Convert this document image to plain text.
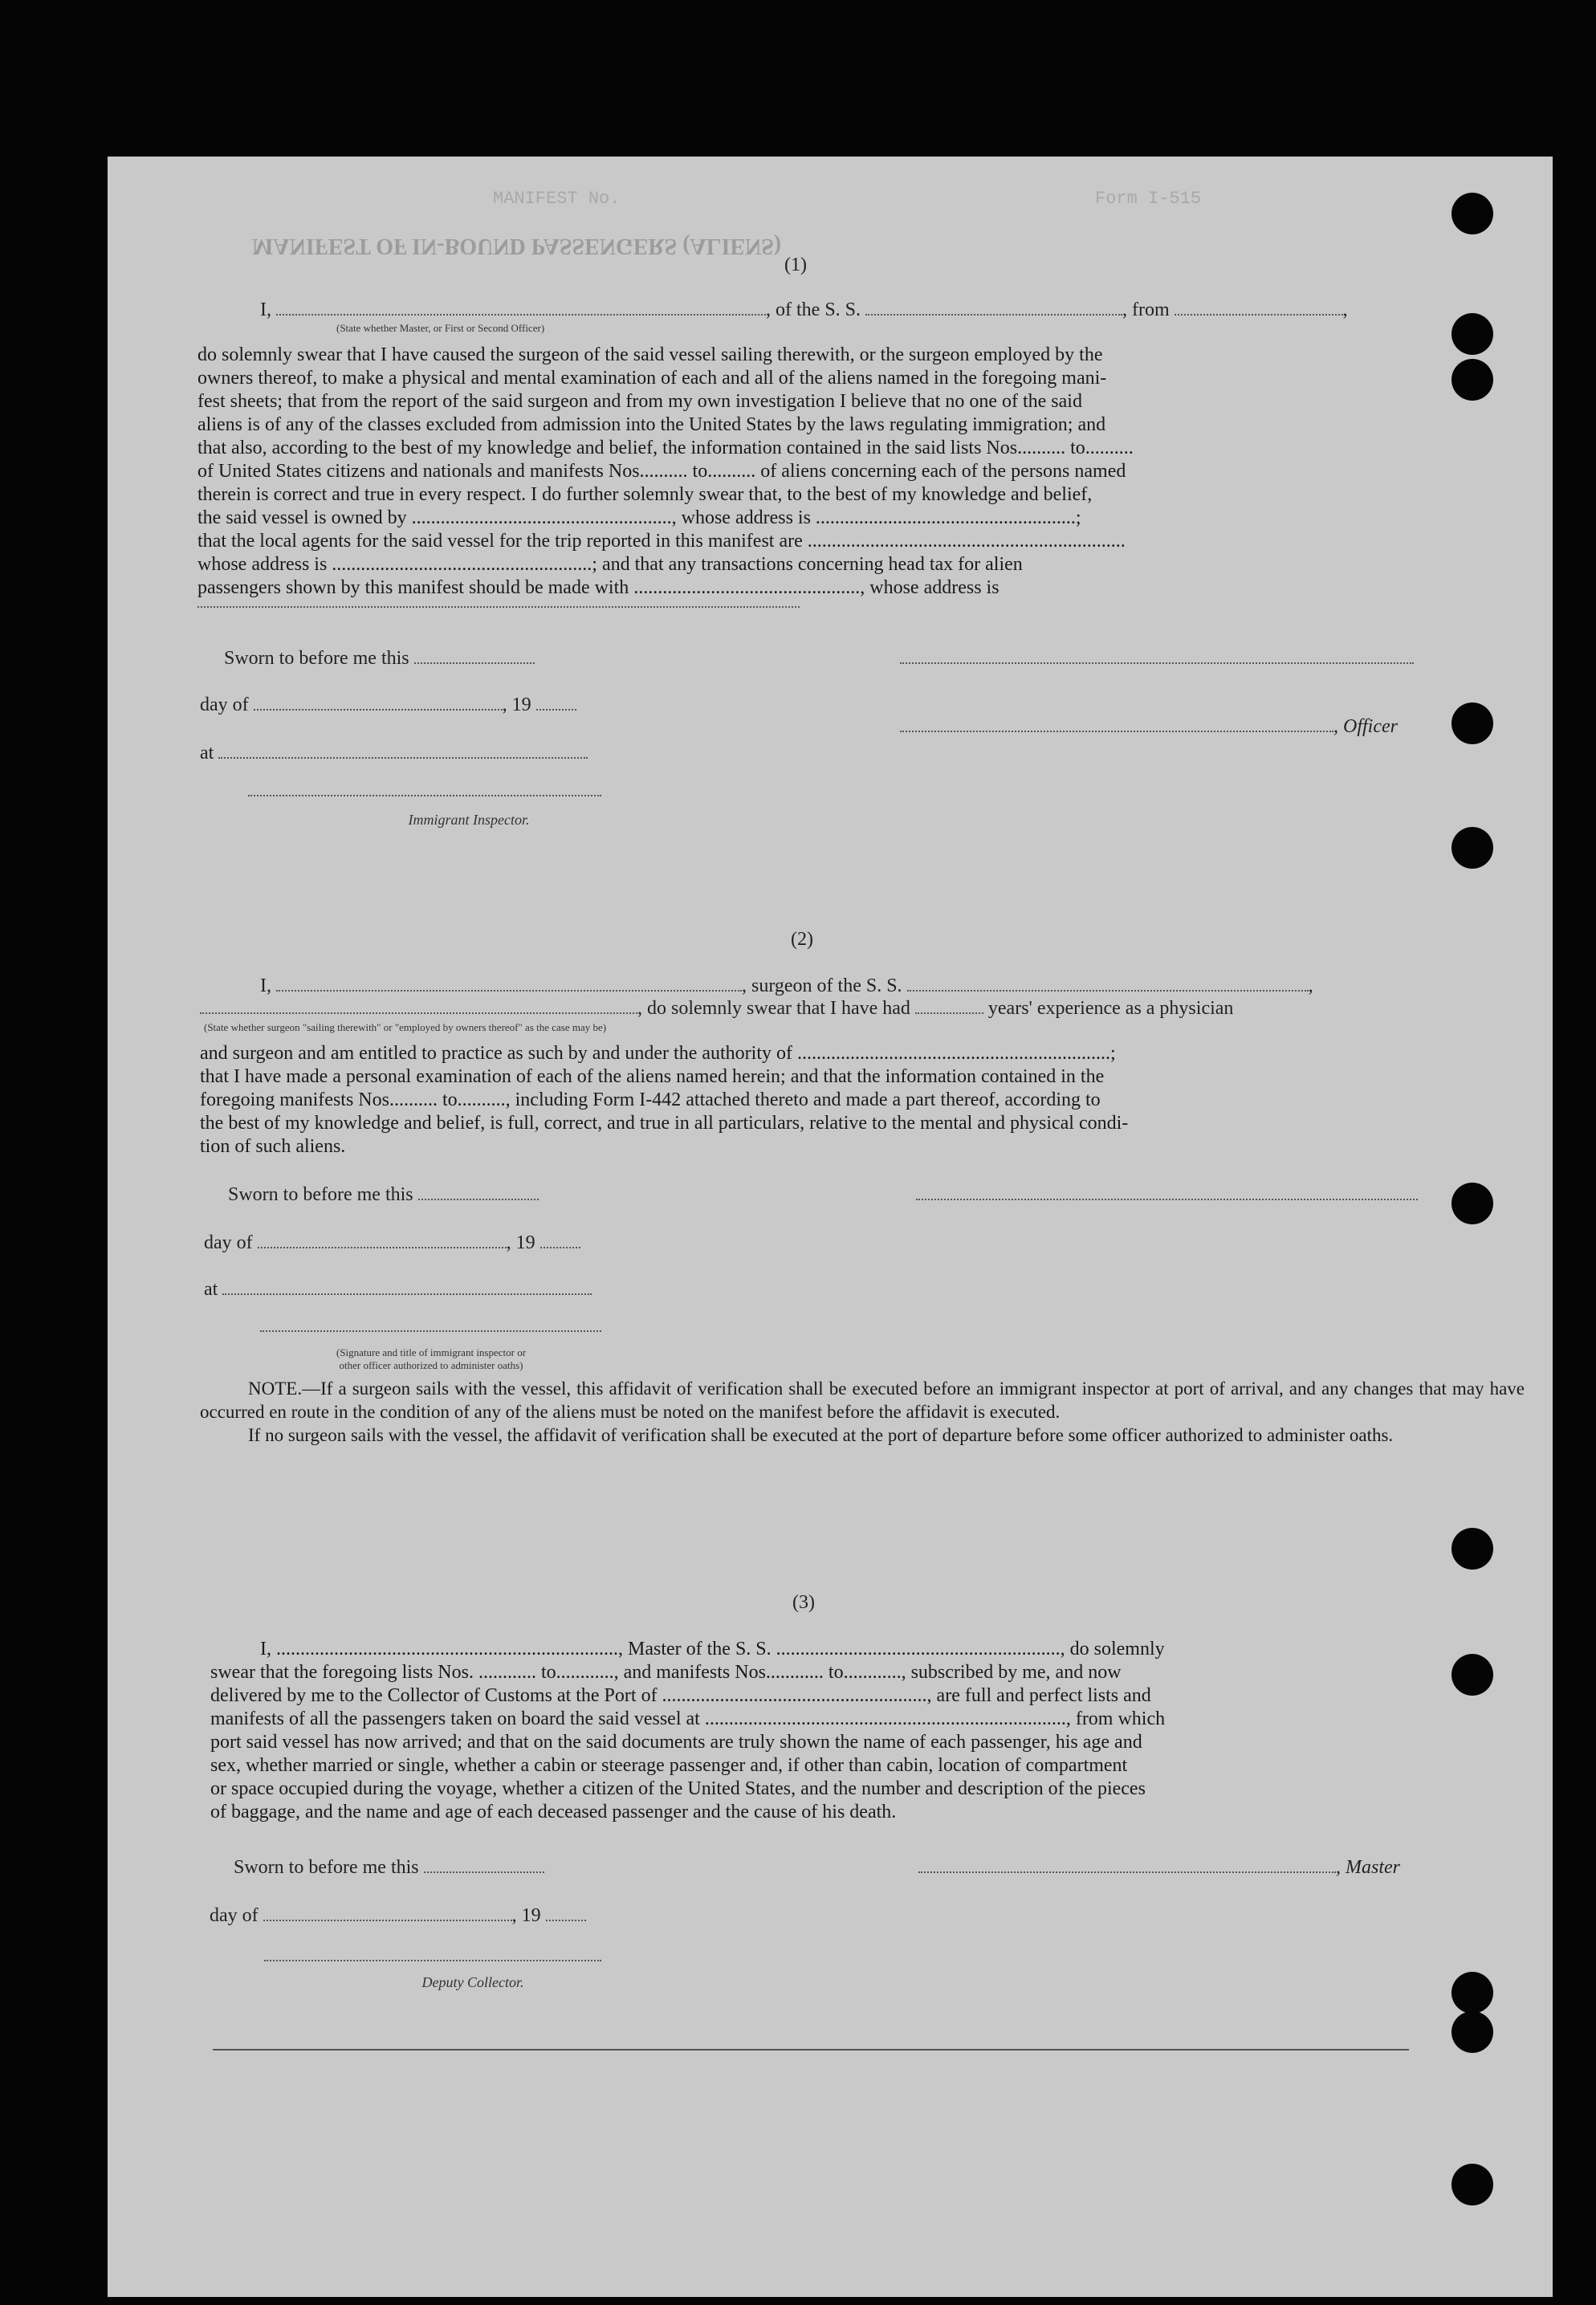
MANIFEST No.
MANIFEST OF IN-BOUND PASSENGERS (ALIENS)
Form I-515
(1)
I,	, of the S. S.	, from	,
(State whether Master, or First or Second Officer)
do solemnly swear that I have caused the surgeon of the said vessel sailing therewith, or the surgeon employed by the
owners thereof, to make a physical and mental examination of each and all of the aliens named in the foregoing mani-
fest sheets; that from the report of the said surgeon and from my own investigation I believe that no one of the said
aliens is of any of the classes excluded from admission into the United States by the laws regulating immigration; and
that also, according to the best of my knowledge and belief, the information contained in the said lists Nos.......... to..........
of United States citizens and nationals and manifests Nos.......... to.......... of aliens concerning each of the persons named
therein is correct and true in every respect. I do further solemnly swear that, to the best of my knowledge and belief,
the said vessel is owned by ......................................................, whose address is ......................................................;
that the local agents for the said vessel for the trip reported in this manifest are ..................................................................
whose address is ......................................................; and that any transactions concerning head tax for alien
passengers shown by this manifest should be made with ..............................................., whose address is
Sworn to before me this
day of	, 19
, Officer
at
Immigrant Inspector.
(2)
I,	, surgeon of the S. S.	,
, do solemnly swear that I have had	years' experience as a physician
(State whether surgeon "sailing therewith" or "employed by owners thereof" as the case may be)
and surgeon and am entitled to practice as such by and under the authority of .................................................................;
that I have made a personal examination of each of the aliens named herein; and that the information contained in the
foregoing manifests Nos.......... to.........., including Form I-442 attached thereto and made a part thereof, according to
the best of my knowledge and belief, is full, correct, and true in all particulars, relative to the mental and physical condi-
tion of such aliens.
Sworn to before me this
day of	, 19
at
(Signature and title of immigrant inspector or
other officer authorized to administer oaths)
NOTE.—If a surgeon sails with the vessel, this affidavit of verification shall be executed before an immigrant inspector at port of arrival, and any changes that may have occurred en route in the condition of any of the aliens must be noted on the manifest before the affidavit is executed.
If no surgeon sails with the vessel, the affidavit of verification shall be executed at the port of departure before some officer authorized to administer oaths.
(3)
I, ......................................................................., Master of the S. S. ..........................................................., do solemnly
swear that the foregoing lists Nos. ............ to............, and manifests Nos............ to............, subscribed by me, and now
delivered by me to the Collector of Customs at the Port of ......................................................., are full and perfect lists and
manifests of all the passengers taken on board the said vessel at ..........................................................................., from which
port said vessel has now arrived; and that on the said documents are truly shown the name of each passenger, his age and
sex, whether married or single, whether a cabin or steerage passenger and, if other than cabin, location of compartment
or space occupied during the voyage, whether a citizen of the United States, and the number and description of the pieces
of baggage, and the name and age of each deceased passenger and the cause of his death.
Sworn to before me this	, Master
day of	, 19
Deputy Collector.
